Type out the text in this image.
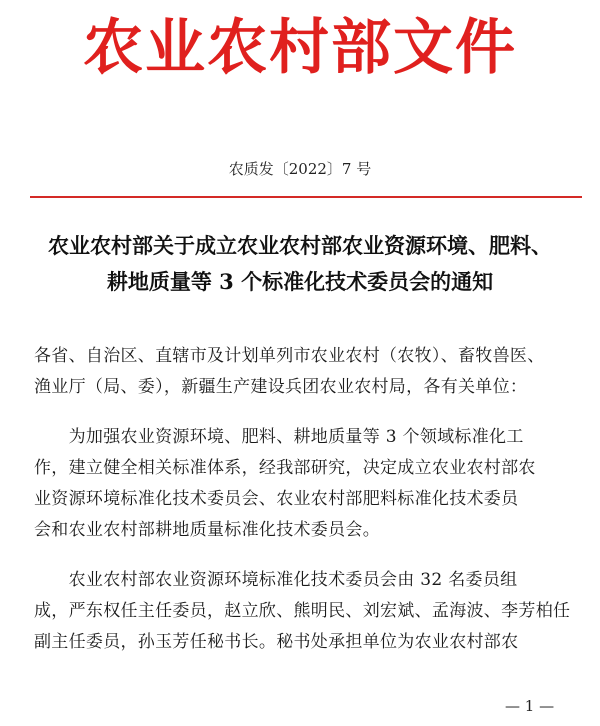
农业农村部文件
农质发〔2022〕7 号
农业农村部关于成立农业农村部农业资源环境、肥料、
耕地质量等 3 个标准化技术委员会的通知
各省、自治区、直辖市及计划单列市农业农村（农牧）、畜牧兽医、
渔业厅（局、委），新疆生产建设兵团农业农村局，各有关单位：
　　为加强农业资源环境、肥料、耕地质量等 3 个领域标准化工
作，建立健全相关标准体系，经我部研究，决定成立农业农村部农
业资源环境标准化技术委员会、农业农村部肥料标准化技术委员
会和农业农村部耕地质量标准化技术委员会。
　　农业农村部农业资源环境标准化技术委员会由 32 名委员组
成，严东权任主任委员，赵立欣、熊明民、刘宏斌、孟海波、李芳柏任
副主任委员，孙玉芳任秘书长。秘书处承担单位为农业农村部农
— 1 —
